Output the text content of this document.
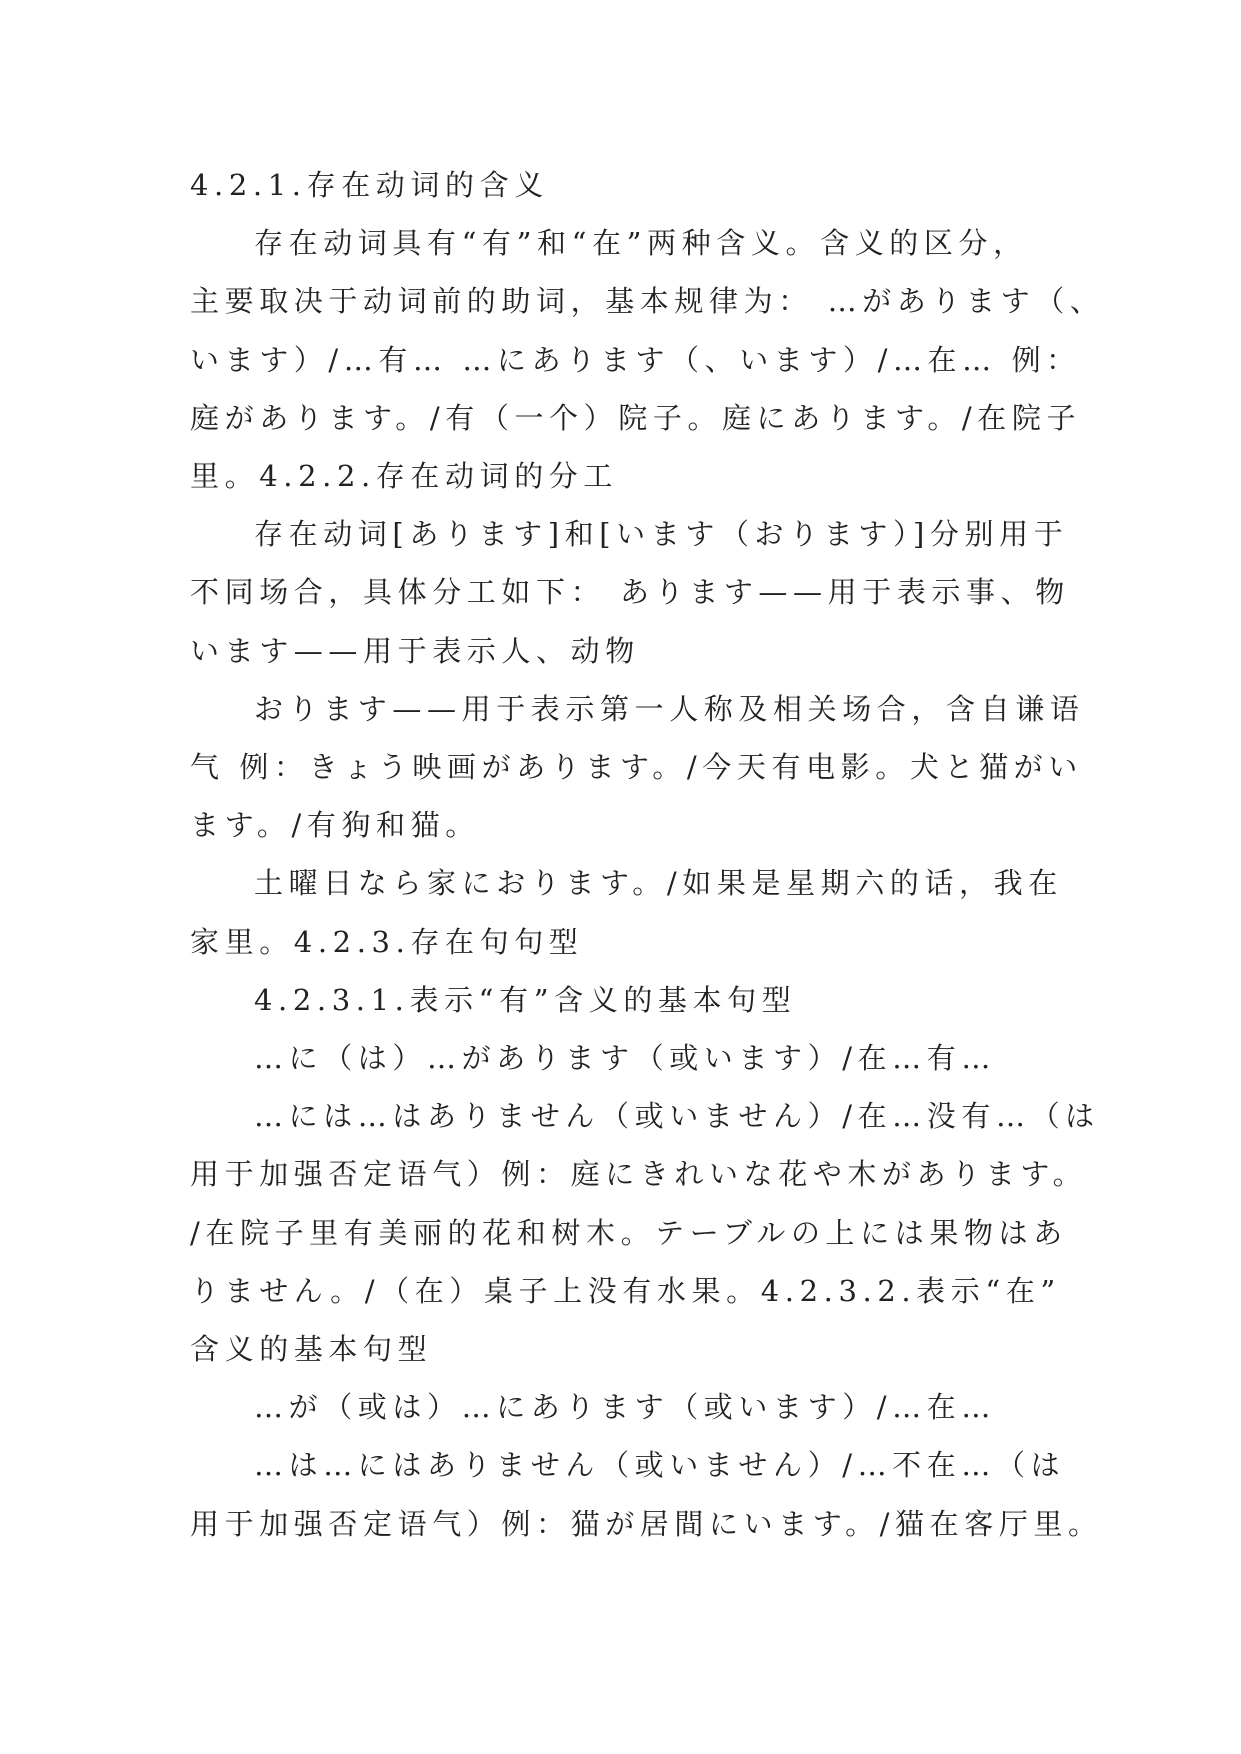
4.2.1.存在动词的含义

存在动词具有“有”和“在”两种含义。含义的区分，

主要取决于动词前的助词，基本规律为： …があります（、

います）/…有… …にあります（、います）/…在… 例：

庭があります。/有（一个）院子。庭にあります。/在院子

里。4.2.2.存在动词的分工

存在动词[あります]和[います（おります）]分别用于

不同场合，具体分工如下： あります——用于表示事、物

います——用于表示人、动物

おります——用于表示第一人称及相关场合，含自谦语

气 例：きょう映画があります。/今天有电影。犬と猫がい

ます。/有狗和猫。

土曜日なら家におります。/如果是星期六的话，我在

家里。4.2.3.存在句句型

4.2.3.1.表示“有”含义的基本句型

…に（は）…があります（或います）/在…有…

…には…はありません（或いません）/在…没有…（は

用于加强否定语气）例：庭にきれいな花や木があります。

/在院子里有美丽的花和树木。テーブルの上には果物はあ

りません。/（在）桌子上没有水果。4.2.3.2.表示“在”

含义的基本句型

…が（或は）…にあります（或います）/…在…

…は…にはありません（或いません）/…不在…（は

用于加强否定语气）例：猫が居間にいます。/猫在客厅里。
